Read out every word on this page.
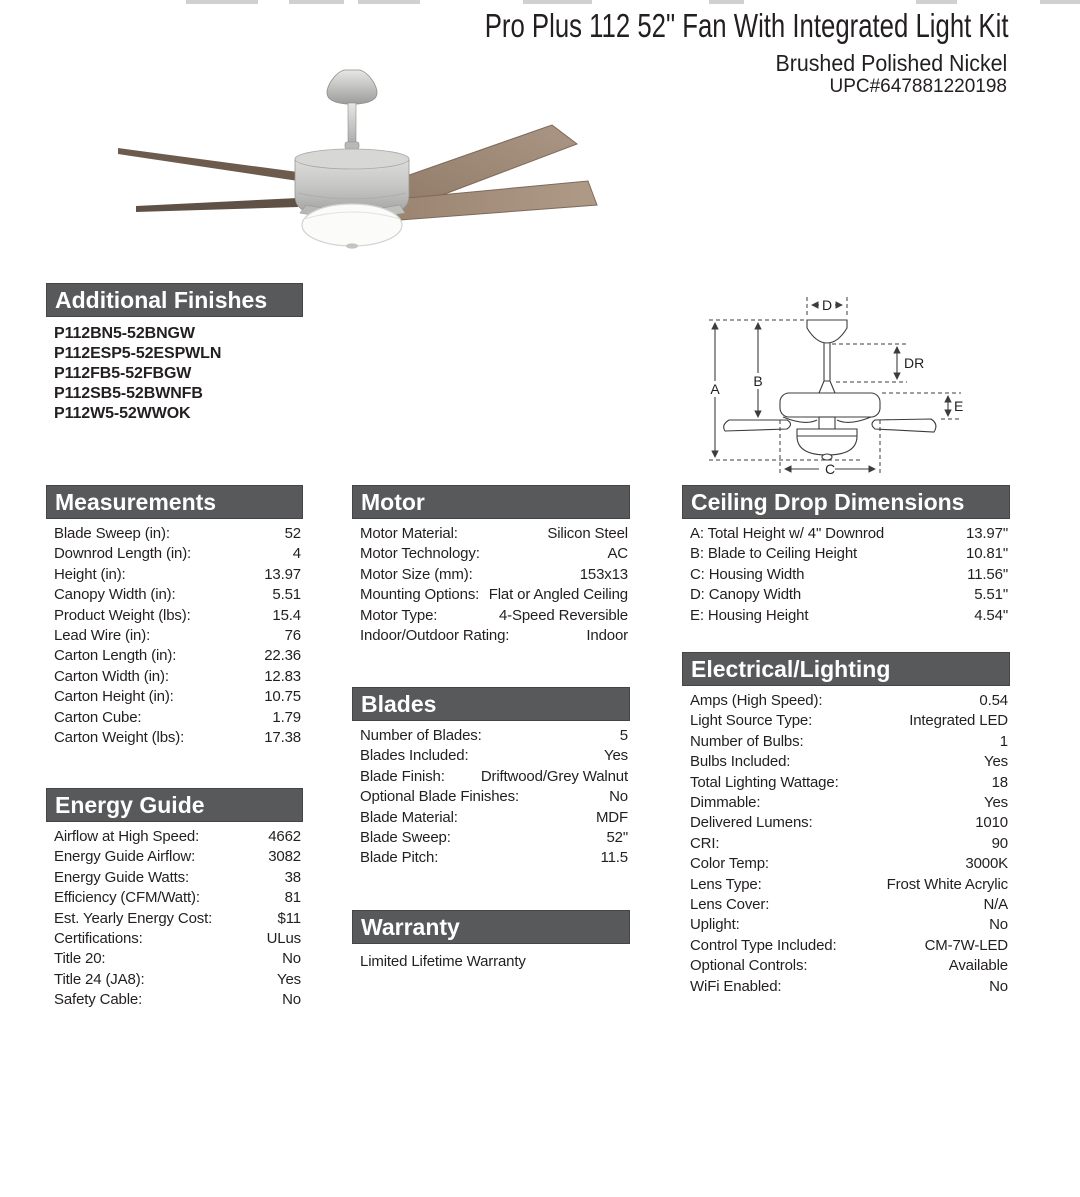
Pro Plus 112 52" Fan With Integrated Light Kit
Brushed Polished Nickel
UPC#647881220198
Additional Finishes
P112BN5-52BNGW
P112ESP5-52ESPWLN
P112FB5-52FBGW
P112SB5-52BWNFB
P112W5-52WWOK
Measurements
Blade Sweep (in):	52
Downrod Length (in):	4
Height (in):	13.97
Canopy Width (in):	5.51
Product Weight (lbs):	15.4
Lead Wire (in):	76
Carton Length (in):	22.36
Carton Width (in):	12.83
Carton Height (in):	10.75
Carton Cube:	1.79
Carton Weight (lbs):	17.38
Energy Guide
Airflow at High Speed:	4662
Energy Guide Airflow:	3082
Energy Guide Watts:	38
Efficiency (CFM/Watt):	81
Est. Yearly Energy Cost:	$11
Certifications:	ULus
Title 20:	No
Title 24 (JA8):	Yes
Safety Cable:	No
Motor
Motor Material:	Silicon Steel
Motor Technology:	AC
Motor Size (mm):	153x13
Mounting Options: Flat or Angled Ceiling
Motor Type:	4-Speed Reversible
Indoor/Outdoor Rating:	Indoor
Blades
Number of Blades:	5
Blades Included:	Yes
Blade Finish: Driftwood/Grey Walnut
Optional Blade Finishes:	No
Blade Material:	MDF
Blade Sweep:	52"
Blade Pitch:	11.5
Warranty
Limited Lifetime Warranty
Ceiling Drop Dimensions
A: Total Height w/ 4" Downrod	13.97"
B: Blade to Ceiling Height	10.81"
C: Housing Width	11.56"
D: Canopy Width	5.51"
E: Housing Height	4.54"
Electrical/Lighting
Amps (High Speed):	0.54
Light Source Type:	Integrated LED
Number of Bulbs:	1
Bulbs Included:	Yes
Total Lighting Wattage:	18
Dimmable:	Yes
Delivered Lumens:	1010
CRI:	90
Color Temp:	3000K
Lens Type:	Frost White Acrylic
Lens Cover:	N/A
Uplight:	No
Control Type Included:	CM-7W-LED
Optional Controls:	Available
WiFi Enabled:	No
A B
D
DR
E
C
